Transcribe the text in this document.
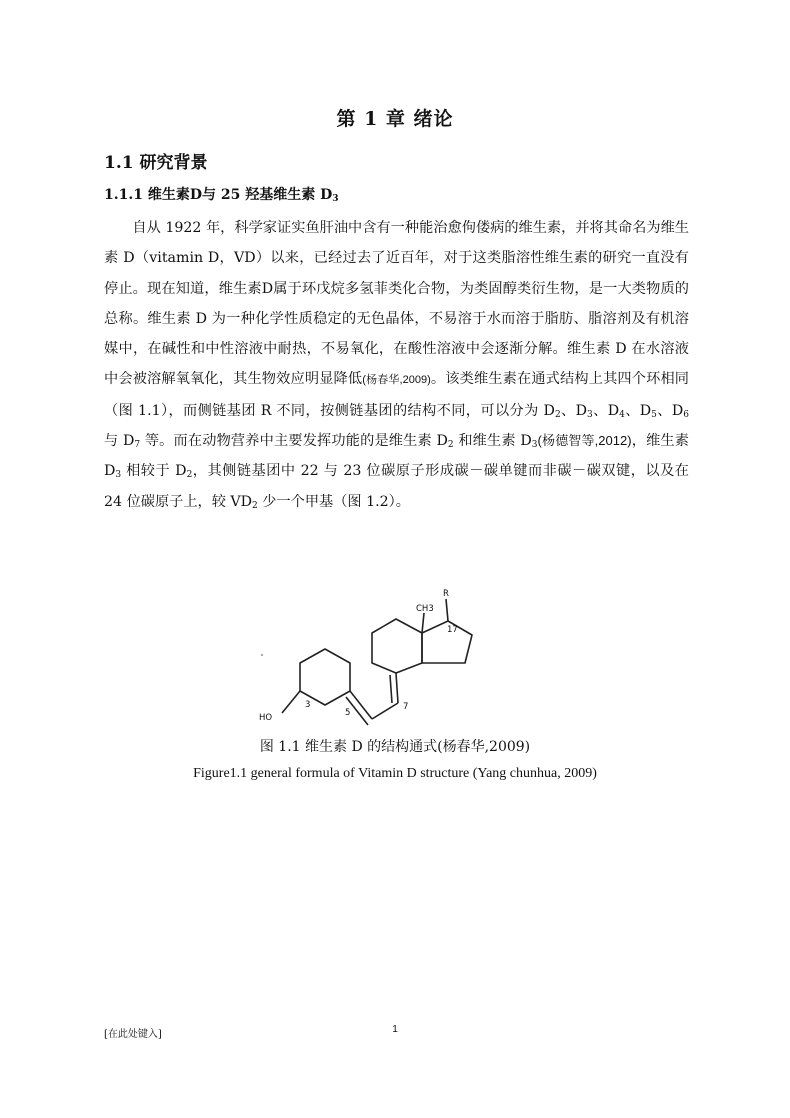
第 1 章 绪论
1.1 研究背景
1.1.1 维生素D与 25 羟基维生素 $D_3$

自从 1922 年，科学家证实鱼肝油中含有一种能治愈佝偻病的维生素，并将其命名为维生素 D（vitamin D，VD）以来，已经过去了近百年，对于这类脂溶性维生素的研究一直没有停止。现在知道，维生素D属于环戊烷多氢菲类化合物，为类固醇类衍生物，是一大类物质的总称。维生素 D 为一种化学性质稳定的无色晶体，不易溶于水而溶于脂肪、脂溶剂及有机溶媒中，在碱性和中性溶液中耐热，不易氧化，在酸性溶液中会逐渐分解。维生素 D 在水溶液中会被溶解氧氧化，其生物效应明显降低(杨春华,2009)。该类维生素在通式结构上其四个环相同（图 1.1），而侧链基团 R 不同，按侧链基团的结构不同，可以分为 $D_2$、$D_3$、$D_4$、$D_5$、$D_6$ 与 $D_7$ 等。而在动物营养中主要发挥功能的是维生素 $D_2$ 和维生素 $D_3$(杨德智等,2012)，维生素 $D_3$ 相较于 $D_2$，其侧链基团中 22 与 23 位碳原子形成碳－碳单键而非碳－碳双键，以及在 24 位碳原子上，较 $VD_2$ 少一个甲基（图 1.2）。

R
CH3
17
HO
3
5
7
图 1.1 维生素 D 的结构通式(杨春华,2009)
Figure1.1 general formula of Vitamin D structure (Yang chunhua, 2009)
[在此处键入]	1
